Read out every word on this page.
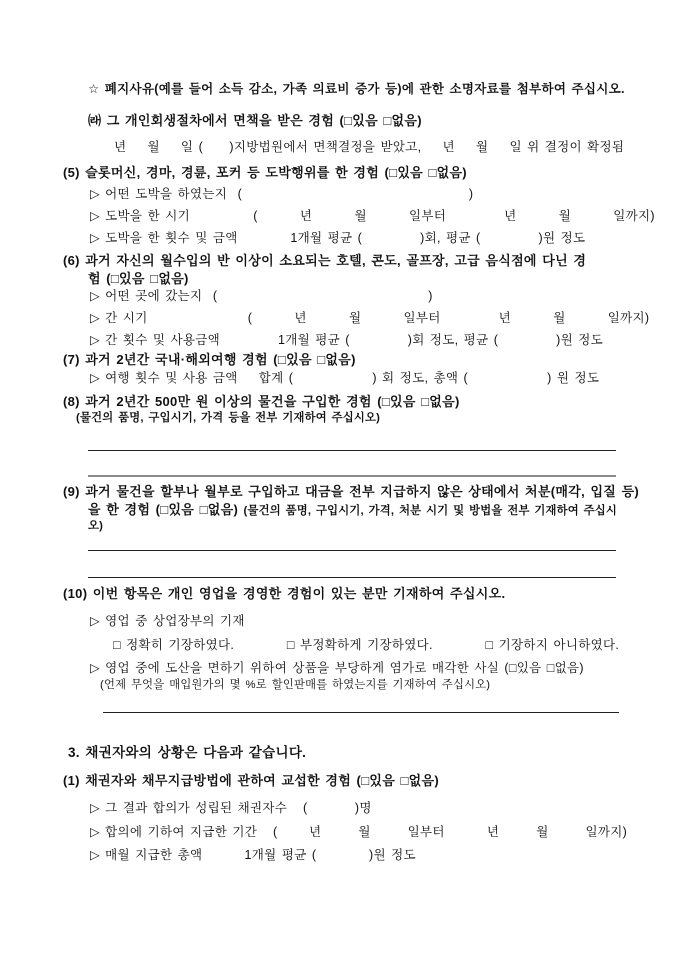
☆ 폐지사유(예를 들어 소득 감소, 가족 의료비 증가 등)에 관한 소명자료를 첨부하여 주십시오.
㈑ 그 개인회생절차에서 면책을 받은 경험 (□있음 □없음)
년    월    일 (     )지방법원에서 면책결정을 받았고,    년    월    일 위 결정이 확정됨
(5) 슬롯머신, 경마, 경륜, 포커 등 도박행위를 한 경험 (□있음 □없음)
▷ 어떤 도박을 하였는지  (                                           )
▷ 도박을 한 시기            (        년        월        일부터           년        월        일까지)
▷ 도박을 한 횟수 및 금액          1개월 평균 (           )회, 평균 (           )원 정도
(6) 과거 자신의 월수입의 반 이상이 소요되는 호텔, 콘도, 골프장, 고급 음식점에 다닌 경
험 (□있음 □없음)
▷ 어떤 곳에 갔는지  (                                        )
▷ 간 시기                   (        년        월        일부터           년        월        일까지)
▷ 간 횟수 및 사용금액           1개월 평균 (           )회 정도, 평균 (           )원 정도
(7) 과거 2년간 국내·해외여행 경험 (□있음 □없음)
▷ 여행 횟수 및 사용 금액    합계 (               ) 회 정도, 총액 (               ) 원 정도
(8) 과거 2년간 500만 원 이상의 물건을 구입한 경험 (□있음 □없음)
(물건의 품명, 구입시기, 가격 등을 전부 기재하여 주십시오)
(9) 과거 물건을 할부나 월부로 구입하고 대금을 전부 지급하지 않은 상태에서 처분(매각, 입질 등)
을 한 경험 (□있음 □없음) (물건의 품명, 구입시기, 가격, 처분 시기 및 방법을 전부 기재하여 주십시
오)
(10) 이번 항목은 개인 영업을 경영한 경험이 있는 분만 기재하여 주십시오.
▷ 영업 중 상업장부의 기재
□ 정확히 기장하였다.          □ 부정확하게 기장하였다.          □ 기장하지 아니하였다.
▷ 영업 중에 도산을 면하기 위하여 상품을 부당하게 염가로 매각한 사실 (□있음 □없음)
(언제 무엇을 매입원가의 몇 %로 할인판매를 하였는지를 기재하여 주십시오)
3. 채권자와의 상황은 다음과 같습니다.
(1) 채권자와 채무지급방법에 관하여 교섭한 경험 (□있음 □없음)
▷ 그 결과 합의가 성립된 채권자수   (         )명
▷ 합의에 기하여 지급한 기간   (      년       월       일부터        년       월       일까지)
▷ 매월 지급한 총액        1개월 평균 (          )원 정도
